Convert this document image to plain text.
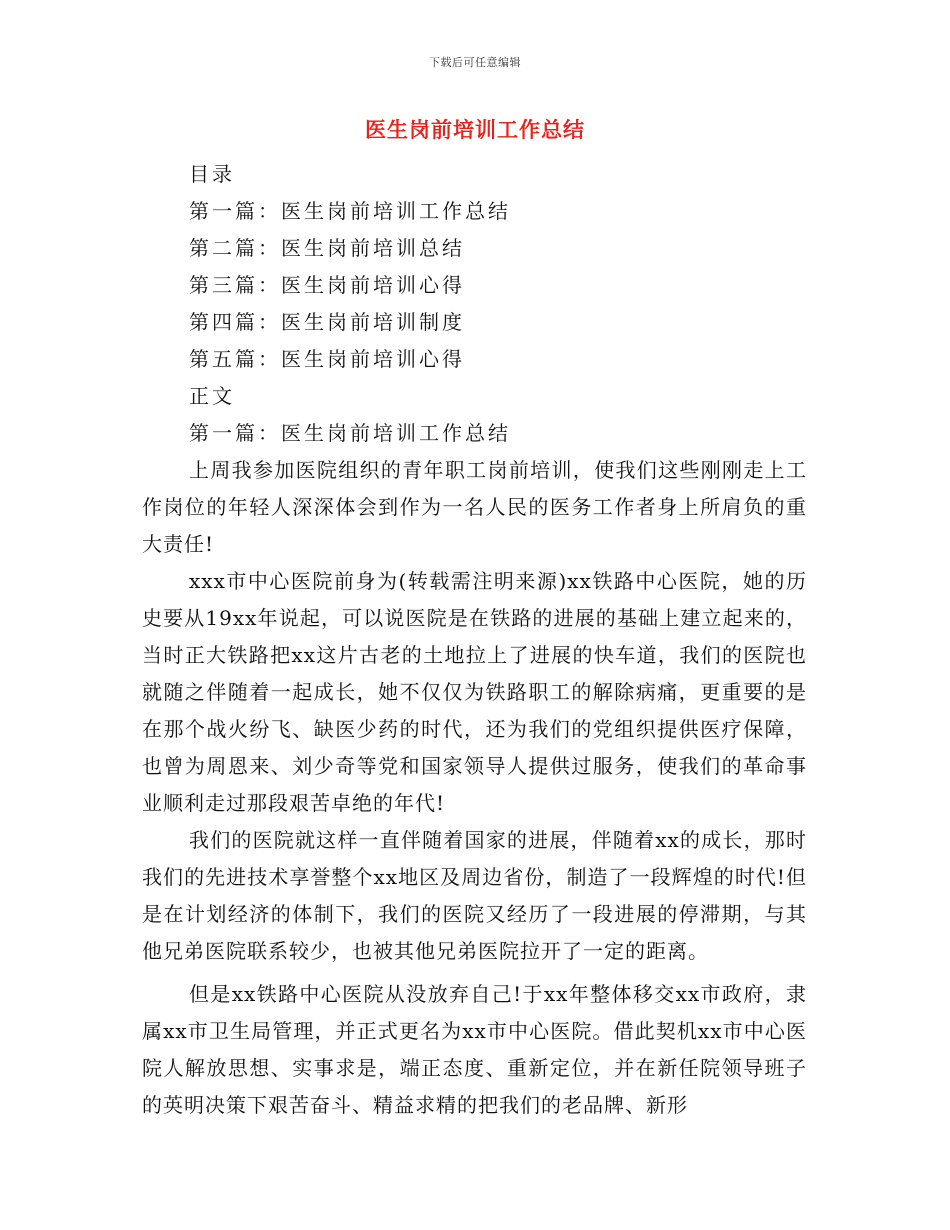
下载后可任意编辑
医生岗前培训工作总结
目录
第一篇：医生岗前培训工作总结
第二篇：医生岗前培训总结
第三篇：医生岗前培训心得
第四篇：医生岗前培训制度
第五篇：医生岗前培训心得
正文
第一篇：医生岗前培训工作总结

上周我参加医院组织的青年职工岗前培训，使我们这些刚刚走上工作岗位的年轻人深深体会到作为一名人民的医务工作者身上所肩负的重大责任!

xxx市中心医院前身为(转载需注明来源)xx铁路中心医院，她的历史要从19xx年说起，可以说医院是在铁路的进展的基础上建立起来的，当时正大铁路把xx这片古老的土地拉上了进展的快车道，我们的医院也就随之伴随着一起成长，她不仅仅为铁路职工的解除病痛，更重要的是在那个战火纷飞、缺医少药的时代，还为我们的党组织提供医疗保障，也曾为周恩来、刘少奇等党和国家领导人提供过服务，使我们的革命事业顺利走过那段艰苦卓绝的年代!

我们的医院就这样一直伴随着国家的进展，伴随着xx的成长，那时我们的先进技术享誉整个xx地区及周边省份，制造了一段辉煌的时代!但是在计划经济的体制下，我们的医院又经历了一段进展的停滞期，与其他兄弟医院联系较少，也被其他兄弟医院拉开了一定的距离。

但是xx铁路中心医院从没放弃自己!于xx年整体移交xx市政府，隶属xx市卫生局管理，并正式更名为xx市中心医院。借此契机xx市中心医院人解放思想、实事求是，端正态度、重新定位，并在新任院领导班子的英明决策下艰苦奋斗、精益求精的把我们的老品牌、新形
